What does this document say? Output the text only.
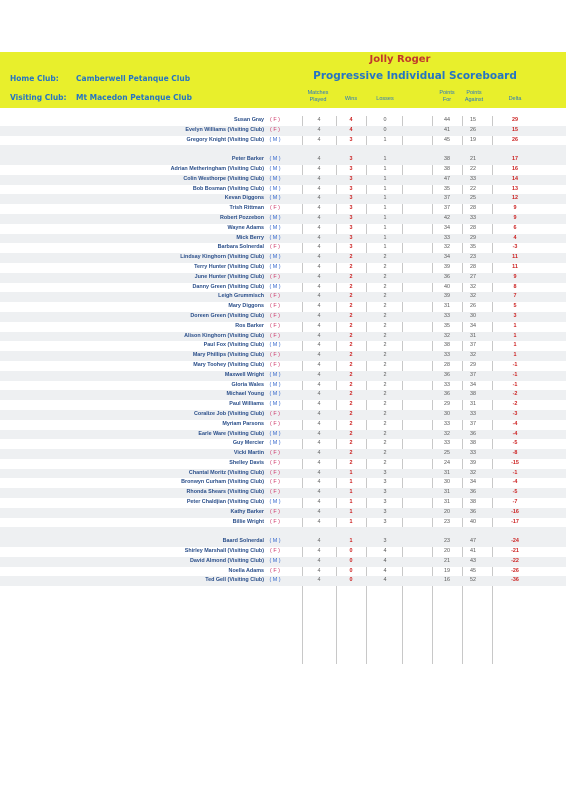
Jolly Roger
Progressive Individual Scoreboard
Home Club: Camberwell Petanque Club
Visiting Club: Mt Macedon Petanque Club	Matches
Played	Wins	Losses
Points
For
Points
Against	Delta
Susan Gray	( F )	4	4	0	44	15	29
Evelyn Williams (Visiting Club)	( F )	4	4	0	41	26	15
Gregory Knight (Visiting Club)	( M )	4	3	1	45	19	26
Peter Barker	( M )	4	3	1	38	21	17
Adrian Metheringham (Visiting Club)	( M )	4	3	1	38	22	16
Colin Westhorpe (Visiting Club)	( M )	4	3	1	47	33	14
Bob Bosman (Visiting Club)	( M )	4	3	1	35	22	13
Kevan Diggons	( M )	4	3	1	37	25	12
Trish Rittman	( F )	4	3	1	37	28	9
Robert Pozzebon	( M )	4	3	1	42	33	9
Wayne Adams	( M )	4	3	1	34	28	6
Mick Berry	( M )	4	3	1	33	29	4
Barbara Solnerdal	( F )	4	3	1	32	35	-3
Lindsay Kinghorn (Visiting Club)	( M )	4	2	2	34	23	11
Terry Hunter (Visiting Club)	( M )	4	2	2	39	28	11
June Hunter (Visiting Club)	( F )	4	2	2	36	27	9
Danny Green (Visiting Club)	( M )	4	2	2	40	32	8
Leigh Grummisch	( F )	4	2	2	39	32	7
Mary Diggons	( F )	4	2	2	31	26	5
Doreen Green (Visiting Club)	( F )	4	2	2	33	30	3
Ros Barker	( F )	4	2	2	35	34	1
Alison Kinghorn (Visiting Club)	( F )	4	2	2	32	31	1
Paul Fox (Visiting Club)	( M )	4	2	2	38	37	1
Mary Phillips (Visiting Club)	( F )	4	2	2	33	32	1
Mary Toohey (Visiting Club)	( F )	4	2	2	28	29	-1
Maxwell Wright	( M )	4	2	2	36	37	-1
Gloria Wales	( M )	4	2	2	33	34	-1
Michael Young	( M )	4	2	2	36	38	-2
Paul Williams	( M )	4	2	2	29	31	-2
Coralize Job (Visiting Club)	( F )	4	2	2	30	33	-3
Myriam Parsons	( F )	4	2	2	33	37	-4
Earle Ware (Visiting Club)	( M )	4	2	2	32	36	-4
Guy Mercier	( M )	4	2	2	33	38	-5
Vicki Martin	( F )	4	2	2	25	33	-8
Shelley Davis	( F )	4	2	2	24	39	-15
Chantal Moritz (Visiting Club)	( F )	4	1	3	31	32	-1
Bronwyn Curham (Visiting Club)	( F )	4	1	3	30	34	-4
Rhonda Shears (Visiting Club)	( F )	4	1	3	31	36	-5
Peter Chaldjian (Visiting Club)	( M )	4	1	3	31	38	-7
Kathy Barker	( F )	4	1	3	20	36	-16
Billie Wright	( F )	4	1	3	23	40	-17
Baard Solnerdal	( M )	4	1	3	23	47	-24
Shirley Marshall (Visiting Club)	( F )	4	0	4	20	41	-21
David Almond (Visiting Club)	( M )	4	0	4	21	43	-22
Noella Adams	( F )	4	0	4	19	45	-26
Ted Gell (Visiting Club)	( M )	4	0	4	16	52	-36
